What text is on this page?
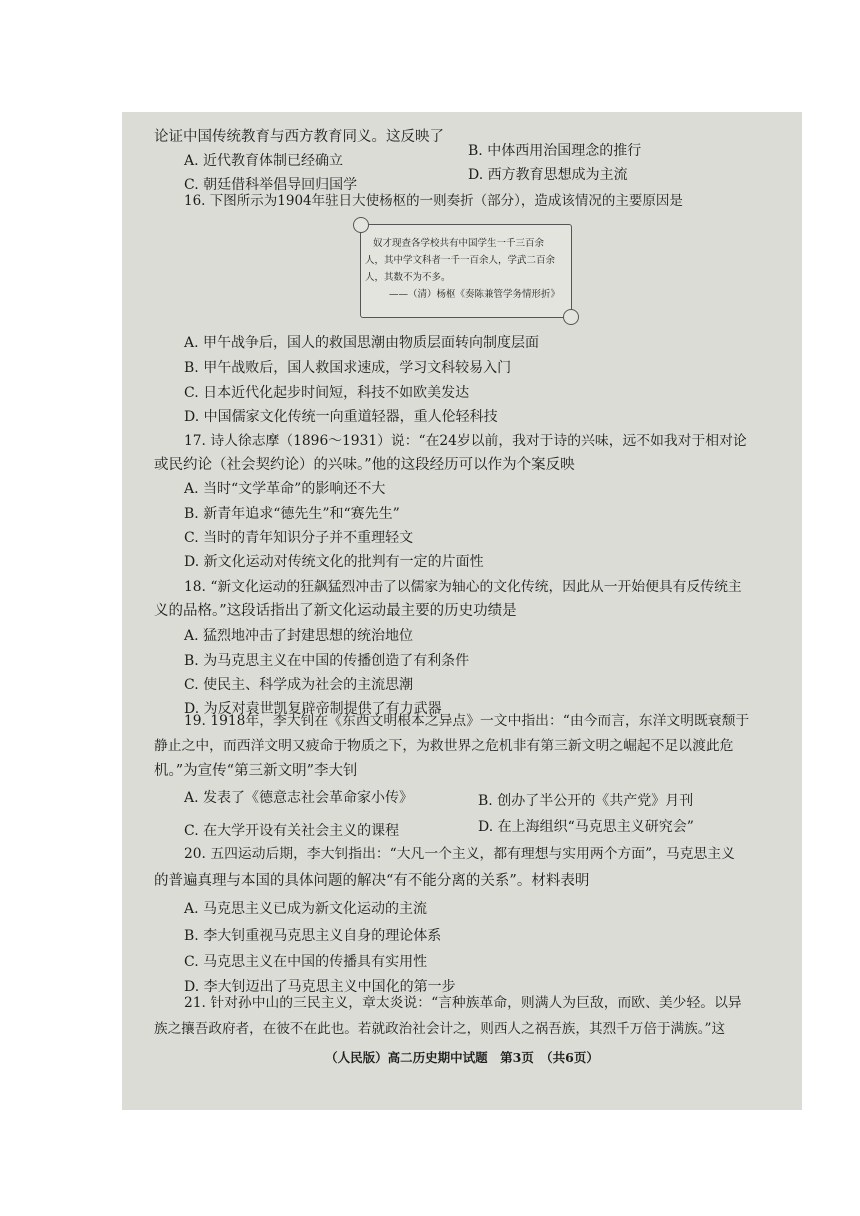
论证中国传统教育与西方教育同义。这反映了
A. 近代教育体制已经确立
B. 中体西用治国理念的推行
C. 朝廷借科举倡导回归国学
D. 西方教育思想成为主流
16. 下图所示为1904年驻日大使杨枢的一则奏折（部分），造成该情况的主要原因是
奴才现查各学校共有中国学生一千三百余
人，其中学文科者一千一百余人，学武二百余
人，其数不为不多。
——（清）杨枢《奏陈兼管学务情形折》
A. 甲午战争后，国人的救国思潮由物质层面转向制度层面
B. 甲午战败后，国人救国求速成，学习文科较易入门
C. 日本近代化起步时间短，科技不如欧美发达
D. 中国儒家文化传统一向重道轻器，重人伦轻科技
17. 诗人徐志摩（1896～1931）说：“在24岁以前，我对于诗的兴味，远不如我对于相对论
或民约论（社会契约论）的兴味。”他的这段经历可以作为个案反映
A. 当时“文学革命”的影响还不大
B. 新青年追求“德先生”和“赛先生”
C. 当时的青年知识分子并不重理轻文
D. 新文化运动对传统文化的批判有一定的片面性
18. “新文化运动的狂飙猛烈冲击了以儒家为轴心的文化传统，因此从一开始便具有反传统主
义的品格。”这段话指出了新文化运动最主要的历史功绩是
A. 猛烈地冲击了封建思想的统治地位
B. 为马克思主义在中国的传播创造了有利条件
C. 使民主、科学成为社会的主流思潮
D. 为反对袁世凯复辟帝制提供了有力武器
19. 1918年，李大钊在《东西文明根本之异点》一文中指出：“由今而言，东洋文明既衰颓于
静止之中，而西洋文明又疲命于物质之下，为救世界之危机非有第三新文明之崛起不足以渡此危
机。”为宣传“第三新文明”李大钊
A. 发表了《德意志社会革命家小传》	B. 创办了半公开的《共产党》月刊
C. 在大学开设有关社会主义的课程	D. 在上海组织“马克思主义研究会”
20. 五四运动后期，李大钊指出：“大凡一个主义，都有理想与实用两个方面”，马克思主义
的普遍真理与本国的具体问题的解决“有不能分离的关系”。材料表明
A. 马克思主义已成为新文化运动的主流
B. 李大钊重视马克思主义自身的理论体系
C. 马克思主义在中国的传播具有实用性
D. 李大钊迈出了马克思主义中国化的第一步
21. 针对孙中山的三民主义，章太炎说：“言种族革命，则满人为巨敌，而欧、美少轻。以异
族之攘吾政府者，在彼不在此也。若就政治社会计之，则西人之祸吾族，其烈千万倍于满族。”这
（人民版）高二历史期中试题　第3页　（共6页）
